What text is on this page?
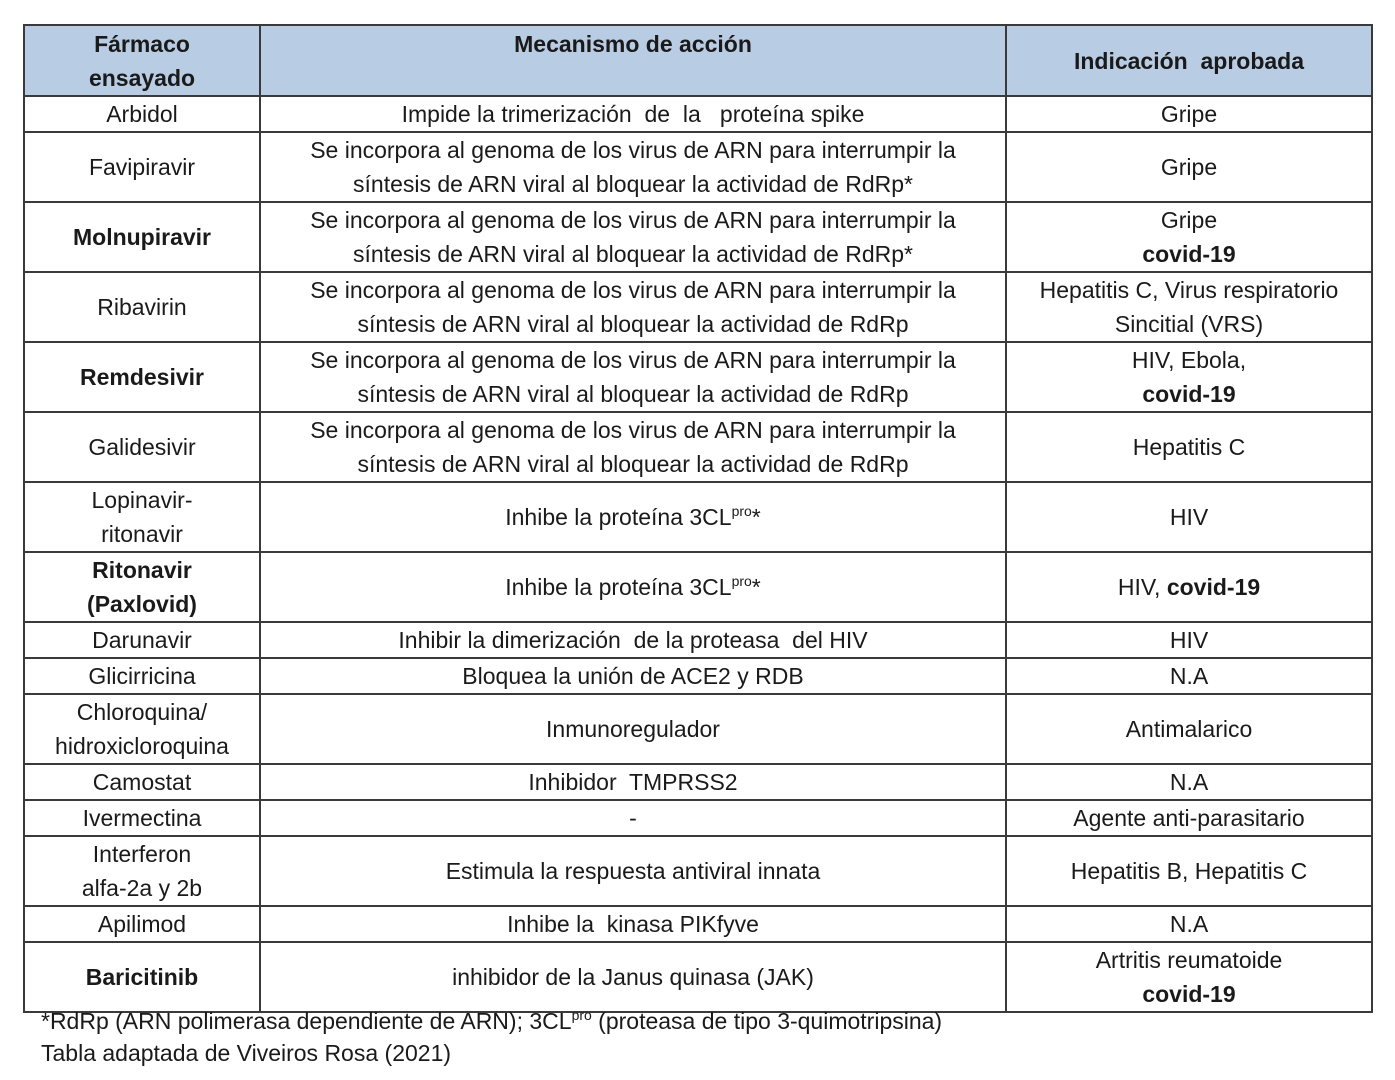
Fármaco
ensayado	Mecanismo de acción	Indicación  aprobada

Arbidol	Impide la trimerización  de  la   proteína spike	Gripe

Favipiravir	Se incorpora al genoma de los virus de ARN para interrumpir la
síntesis de ARN viral al bloquear la actividad de RdRp*	Gripe

Molnupiravir	Se incorpora al genoma de los virus de ARN para interrumpir la
síntesis de ARN viral al bloquear la actividad de RdRp*	Gripe
covid-19

Ribavirin	Se incorpora al genoma de los virus de ARN para interrumpir la
síntesis de ARN viral al bloquear la actividad de RdRp	Hepatitis C, Virus respiratorio
Sincitial (VRS)

Remdesivir	Se incorpora al genoma de los virus de ARN para interrumpir la
síntesis de ARN viral al bloquear la actividad de RdRp	HIV, Ebola,
covid-19

Galidesivir	Se incorpora al genoma de los virus de ARN para interrumpir la
síntesis de ARN viral al bloquear la actividad de RdRp	Hepatitis C

Lopinavir-
ritonavir	Inhibe la proteína $3CL^{pro}*$	HIV

Ritonavir
(Paxlovid)	Inhibe la proteína $3CL^{pro}*$	HIV, covid-19

Darunavir	Inhibir la dimerización  de la proteasa  del HIV	HIV

Glicirricina	Bloquea la unión de ACE2 y RDB	N.A

Chloroquina/
hidroxicloroquina	Inmunoregulador	Antimalarico

Camostat	Inhibidor  TMPRSS2	N.A

Ivermectina	-	Agente anti-parasitario

Interferon
alfa-2a y 2b	Estimula la respuesta antiviral innata	Hepatitis B, Hepatitis C

Apilimod	Inhibe la  kinasa PIKfyve	N.A

Baricitinib	inhibidor de la Janus quinasa (JAK)	Artritis reumatoide
covid-19
*RdRp (ARN polimerasa dependiente de ARN); $3CL^{pro}$ (proteasa de tipo 3-quimotripsina)
Tabla adaptada de Viveiros Rosa (2021)
